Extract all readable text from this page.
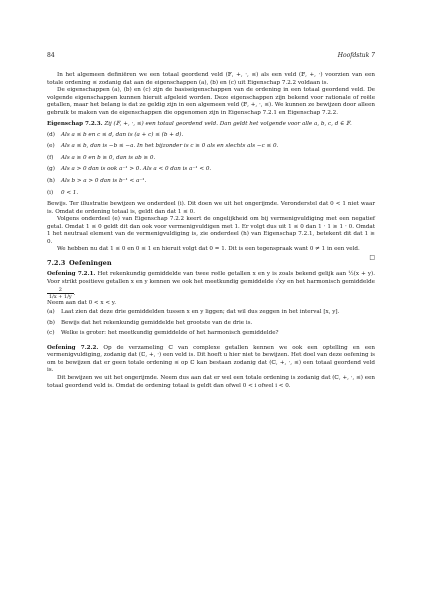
84	Hoofdstuk 7

In het algemeen definiëren we een totaal geordend veld (𝔽, +, ·, ≤) als een veld (𝔽, +, ·) voorzien van een totale ordening ≤ zodanig dat aan de eigenschappen (a), (b) en (c) uit Eigenschap 7.2.2 voldaan is.

De eigenschappen (a), (b) en (c) zijn de basiseigenschappen van de ordening in een totaal geordend veld. De volgende eigenschappen kunnen hieruit afgeleid worden. Deze eigenschappen zijn bekend voor rationale of reële getallen, maar het belang is dat ze geldig zijn in een algemeen veld (𝔽, +, ·, ≤). We kunnen ze bewijzen door alleen gebruik te maken van de eigenschappen die opgenomen zijn in Eigenschap 7.2.1 en Eigenschap 7.2.2.

Eigenschap 7.2.3. Zij (𝔽, +, ·, ≤) een totaal geordend veld. Dan geldt het volgende voor alle a, b, c, d ∈ 𝔽.

(d) Als a ≤ b en c ≤ d, dan is (a + c) ≤ (b + d).
(e) Als a ≤ b, dan is −b ≤ −a. In het bijzonder is c ≥ 0 als en slechts als −c ≤ 0.
(f) Als a ≥ 0 en b ≥ 0, dan is ab ≥ 0.
(g) Als a > 0 dan is ook a⁻¹ > 0. Als a < 0 dan is a⁻¹ < 0.
(h) Als b > a > 0 dan is b⁻¹ < a⁻¹.
(i) 0 < 1.

Bewijs. Ter illustratie bewijzen we onderdeel (i). Dit doen we uit het ongerijmde. Veronderstel dat 0 < 1 niet waar is. Omdat de ordening totaal is, geldt dan dat 1 ≤ 0.

Volgens onderdeel (e) van Eigenschap 7.2.2 keert de ongelijkheid om bij vermenigvuldiging met een negatief getal. Omdat 1 ≤ 0 geldt dit dan ook voor vermenigvuldigen met 1. Er volgt dus uit 1 ≤ 0 dan 1 · 1 ≥ 1 · 0. Omdat 1 het neutraal element van de vermenigvuldiging is, zie onderdeel (h) van Eigenschap 7.2.1, betekent dit dat 1 ≥ 0.

We hebben nu dat 1 ≤ 0 en 0 ≤ 1 en hieruit volgt dat 0 = 1. Dit is een tegenspraak want 0 ≠ 1 in een veld.
□

7.2.3 Oefeningen

Oefening 7.2.1. Het rekenkundig gemiddelde van twee reële getallen x en y is zoals bekend gelijk aan ½(x + y). Voor strikt positieve getallen x en y kennen we ook het meetkundig gemiddelde √xy en het harmonisch gemiddelde
$\frac{2}{1/x + 1/y}$ .

Neem aan dat 0 < x < y.

(a) Laat zien dat deze drie gemiddelden tussen x en y liggen; dat wil dus zeggen in het interval [x, y].
(b) Bewijs dat het rekenkundig gemiddelde het grootste van de drie is.
(c) Welke is groter: het meetkundig gemiddelde of het harmonisch gemiddelde?

Oefening 7.2.2. Op de verzameling ℂ van complexe getallen kennen we ook een optelling en een vermenigvuldiging, zodanig dat (ℂ, +, ·) een veld is. Dit hoeft u hier niet te bewijzen. Het doel van deze oefening is om te bewijzen dat er geen totale ordening ≤ op ℂ kan bestaan zodanig dat (ℂ, +, ·, ≤) een totaal geordend veld is.

Dit bewijzen we uit het ongerijmde. Neem dus aan dat er wel een totale ordening is zodanig dat (ℂ, +, ·, ≤) een totaal geordend veld is. Omdat de ordening totaal is geldt dan ofwel 0 < i ofwel i < 0.
